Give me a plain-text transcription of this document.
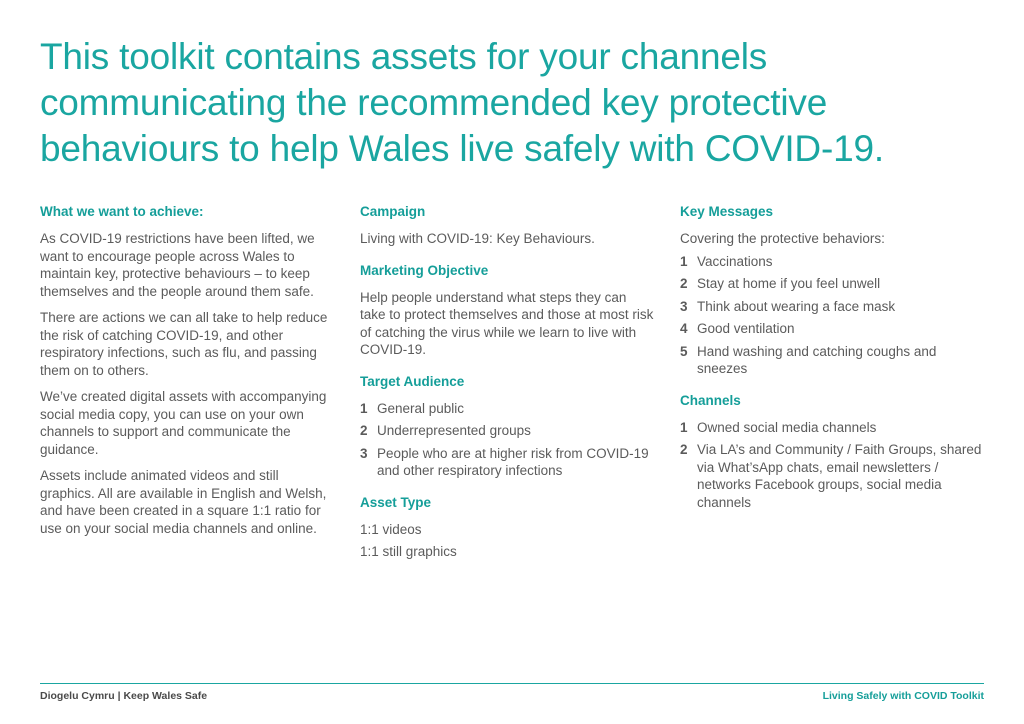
This toolkit contains assets for your channels communicating the recommended key protective behaviours to help Wales live safely with COVID-19.
What we want to achieve:

As COVID-19 restrictions have been lifted, we want to encourage people across Wales to maintain key, protective behaviours – to keep themselves and the people around them safe.

There are actions we can all take to help reduce the risk of catching COVID-19, and other respiratory infections, such as flu, and passing them on to others.

We’ve created digital assets with accompanying social media copy, you can use on your own channels to support and communicate the guidance.

Assets include animated videos and still graphics. All are available in English and Welsh, and have been created in a square 1:1 ratio for use on your social media channels and online.

Campaign

Living with COVID-19: Key Behaviours.

Marketing Objective

Help people understand what steps they can take to protect themselves and those at most risk of catching the virus while we learn to live with COVID-19.

Target Audience
1 General public
2 Underrepresented groups
3 People who are at higher risk from COVID-19 and other respiratory infections
Asset Type

1:1 videos

1:1 still graphics

Key Messages

Covering the protective behaviors:

1 Vaccinations
2 Stay at home if you feel unwell
3 Think about wearing a face mask
4 Good ventilation
5 Hand washing and catching coughs and sneezes
Channels
1 Owned social media channels
2 Via LA’s and Community / Faith Groups, shared via What’sApp chats, email newsletters / networks Facebook groups, social media channels
Diogelu Cymru | Keep Wales Safe	Living Safely with COVID Toolkit
